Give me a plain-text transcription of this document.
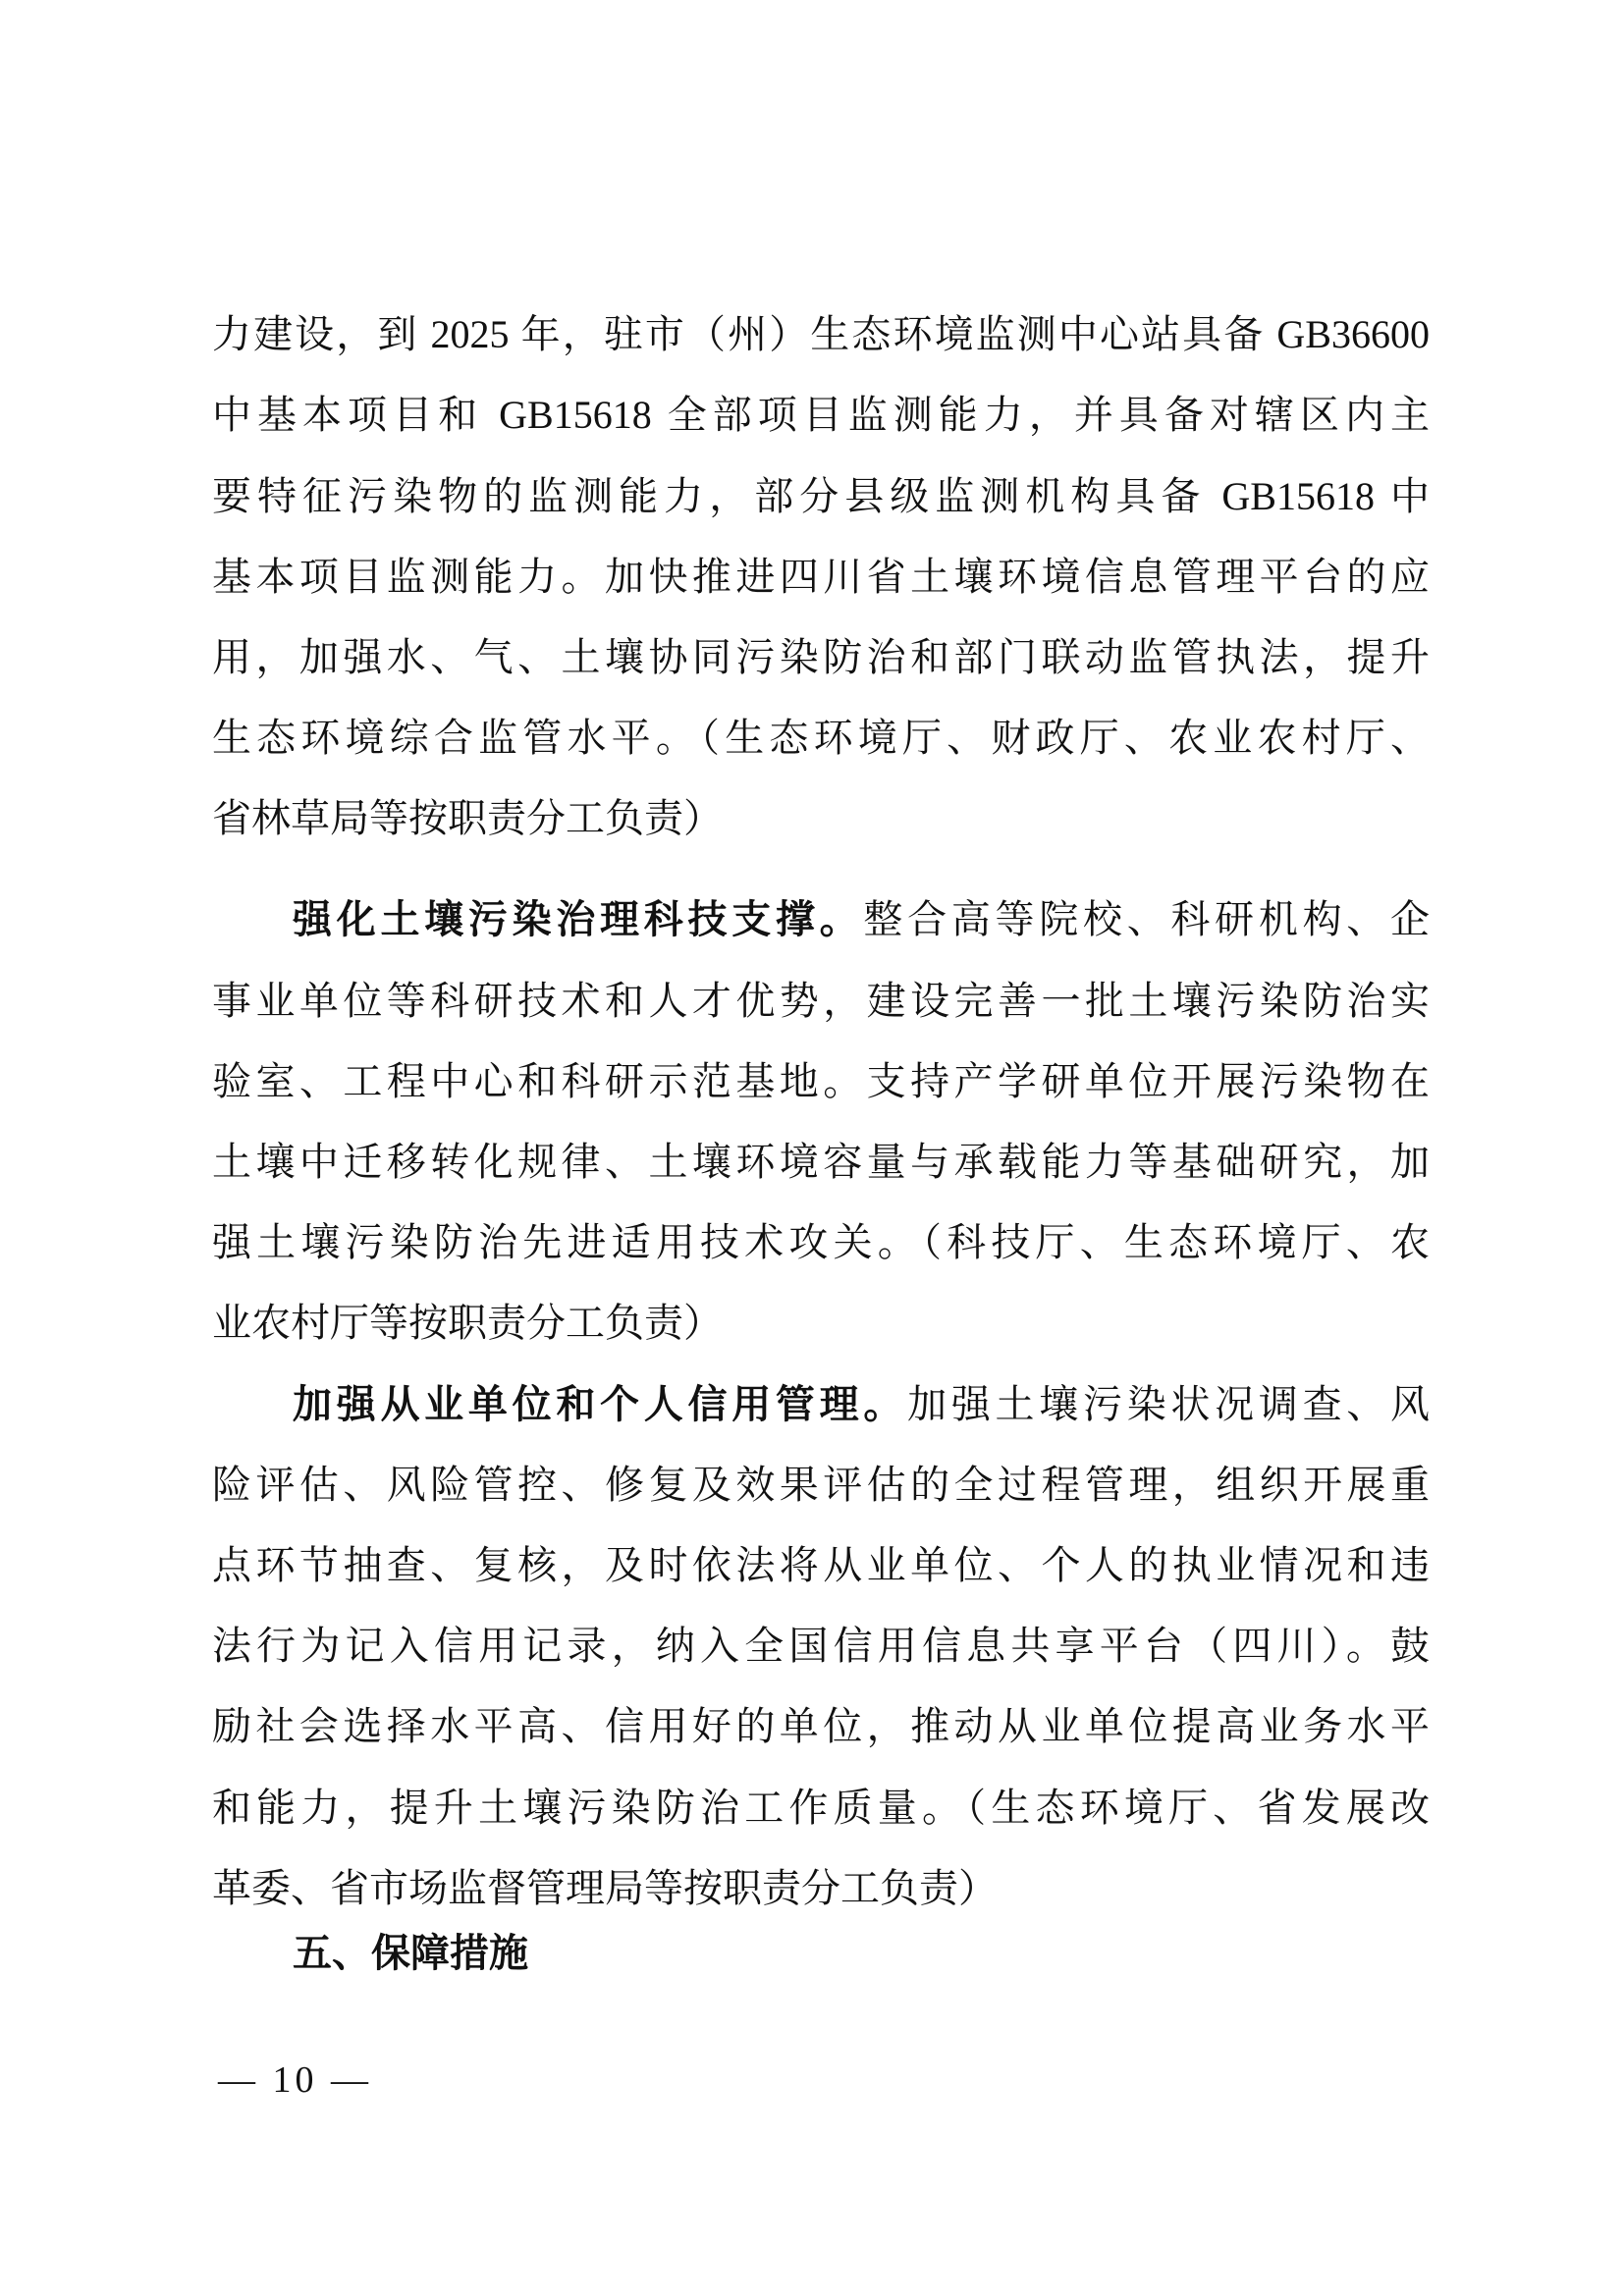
力建设，到 2025 年，驻市（州）生态环境监测中心站具备 GB36600
中基本项目和 GB15618 全部项目监测能力，并具备对辖区内主
要特征污染物的监测能力，部分县级监测机构具备 GB15618 中
基本项目监测能力。加快推进四川省土壤环境信息管理平台的应
用，加强水、气、土壤协同污染防治和部门联动监管执法，提升
生态环境综合监管水平。（生态环境厅、财政厅、农业农村厅、
省林草局等按职责分工负责）
强化土壤污染治理科技支撑。整合高等院校、科研机构、企
事业单位等科研技术和人才优势，建设完善一批土壤污染防治实
验室、工程中心和科研示范基地。支持产学研单位开展污染物在
土壤中迁移转化规律、土壤环境容量与承载能力等基础研究，加
强土壤污染防治先进适用技术攻关。（科技厅、生态环境厅、农
业农村厅等按职责分工负责）
加强从业单位和个人信用管理。加强土壤污染状况调查、风
险评估、风险管控、修复及效果评估的全过程管理，组织开展重
点环节抽查、复核，及时依法将从业单位、个人的执业情况和违
法行为记入信用记录，纳入全国信用信息共享平台（四川）。鼓
励社会选择水平高、信用好的单位，推动从业单位提高业务水平
和能力，提升土壤污染防治工作质量。（生态环境厅、省发展改
革委、省市场监督管理局等按职责分工负责）
五、保障措施
— 10 —
